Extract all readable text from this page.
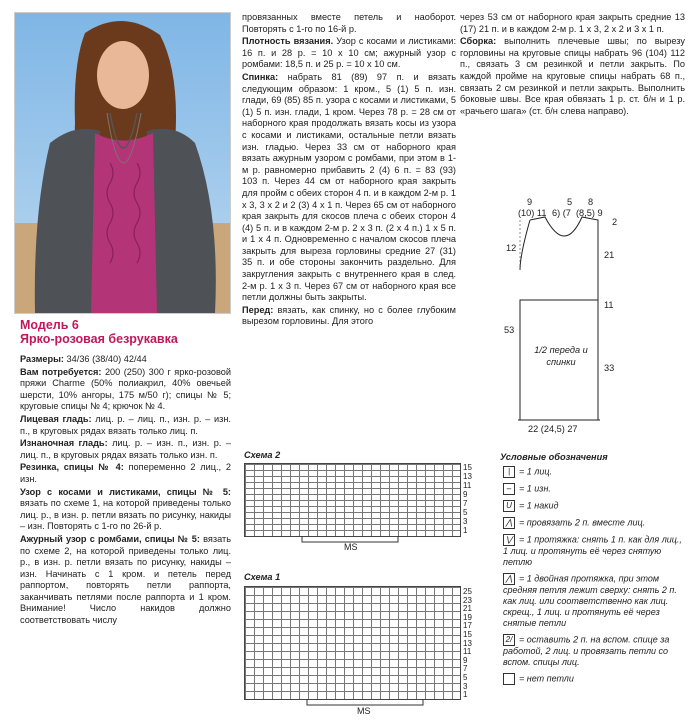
Модель 6
Ярко-розовая безрукавка

Размеры: 34/36 (38/40) 42/44

Вам потребуется: 200 (250) 300 г ярко-розовой пряжи Charme (50% полиакрил, 40% овечьей шерсти, 10% ангоры, 175 м/50 г); спицы № 5; круговые спицы № 4; крючок № 4.

Лицевая гладь: лиц. р. – лиц. п., изн. р. – изн. п., в круговых рядах вязать только лиц. п.

Изнаночная гладь: лиц. р. – изн. п., изн. р. – лиц. п., в круговых рядах вязать только изн. п.

Резинка, спицы № 4: попеременно 2 лиц., 2 изн.

Узор с косами и листиками, спицы № 5: вязать по схеме 1, на которой приведены только лиц. р., в изн. р. петли вязать по рисунку, накиды – изн. Повторять с 1-го по 26-й р.

Ажурный узор с ромбами, спицы № 5: вязать по схеме 2, на которой приведены только лиц. р., в изн. р. петли вязать по рисунку, накиды – изн. Начинать с 1 кром. и петель перед раппортом, повторять петли раппорта, заканчивать петлями после раппорта и 1 кром. Внимание! Число накидов должно соответствовать числу

провязанных вместе петель и наоборот. Повторять с 1-го по 16-й р.

Плотность вязания. Узор с косами и листиками: 16 п. и 28 р. = 10 х 10 см; ажурный узор с ромбами: 18,5 п. и 25 р. = 10 х 10 см.

Спинка: набрать 81 (89) 97 п. и вязать следующим образом: 1 кром., 5 (1) 5 п. изн. глади, 69 (85) 85 п. узора с косами и листиками, 5 (1) 5 п. изн. глади, 1 кром. Через 78 р. = 28 см от наборного края продолжать вязать косы из узора с косами и листиками, остальные петли вязать изн. гладью. Через 33 см от наборного края вязать ажурным узором с ромбами, при этом в 1-м р. равномерно прибавить 2 (4) 6 п. = 83 (93) 103 п. Через 44 см от наборного края закрыть для пройм с обеих сторон 4 п. и в каждом 2-м р. 1 х 3, 3 х 2 и 2 (3) 4 х 1 п. Через 65 см от наборного края закрыть для скосов плеча с обеих сторон 4 (4) 5 п. и в каждом 2-м р. 2 х 3 п. (2 х 4 п.) 1 х 5 п. и 1 х 4 п. Одновременно с началом скосов плеча закрыть для выреза горловины средние 27 (31) 35 п. и обе стороны закончить раздельно. Для закругления закрыть с внутреннего края в след. 2-м р. 1 х 3 п. Через 67 см от наборного края все петли должны быть закрыты.

Перед: вязать, как спинку, но с более глубоким вырезом горловины. Для этого

через 53 см от наборного края закрыть средние 13 (17) 21 п. и в каждом 2-м р. 1 х 3, 2 х 2 и 3 х 1 п.

Сборка: выполнить плечевые швы; по вырезу горловины на круговые спицы набрать 96 (104) 112 п., связать 3 см резинкой и петли закрыть. По каждой пройме на круговые спицы набрать 68 п., связать 2 см резинкой и петли закрыть. Выполнить боковые швы. Все края обвязать 1 р. ст. б/н и 1 р. «рачьего шага» (ст. б/н слева направо).

9	5 8
(10) 11 6) (7 (8,5) 9
2
21
12
11
53
33
1/2 переда и спинки
22 (24,5) 27
Схема 2
15
13
11
9
7
5
3
1
MS
Схема 1
25
23
21
19
17
15
13
11
9
7
5
3
1
MS
Условные обозначения
| = 1 лиц.
– = 1 изн.
U = 1 накид
⋀ = провязать 2 п. вместе лиц.
⋁ = 1 протяжка: снять 1 п. как для лиц., 1 лиц. и протянуть её через снятую петлю
⋀ = 1 двойная протяжка, при этом средняя петля лежит сверху: снять 2 п. как лиц. или соответственно как лиц. скрещ., 1 лиц. и протянуть её через снятые петли
2/ = оставить 2 п. на вспом. спице за работой, 2 лиц. и провязать петли со вспом. спицы лиц.
= нет петли
